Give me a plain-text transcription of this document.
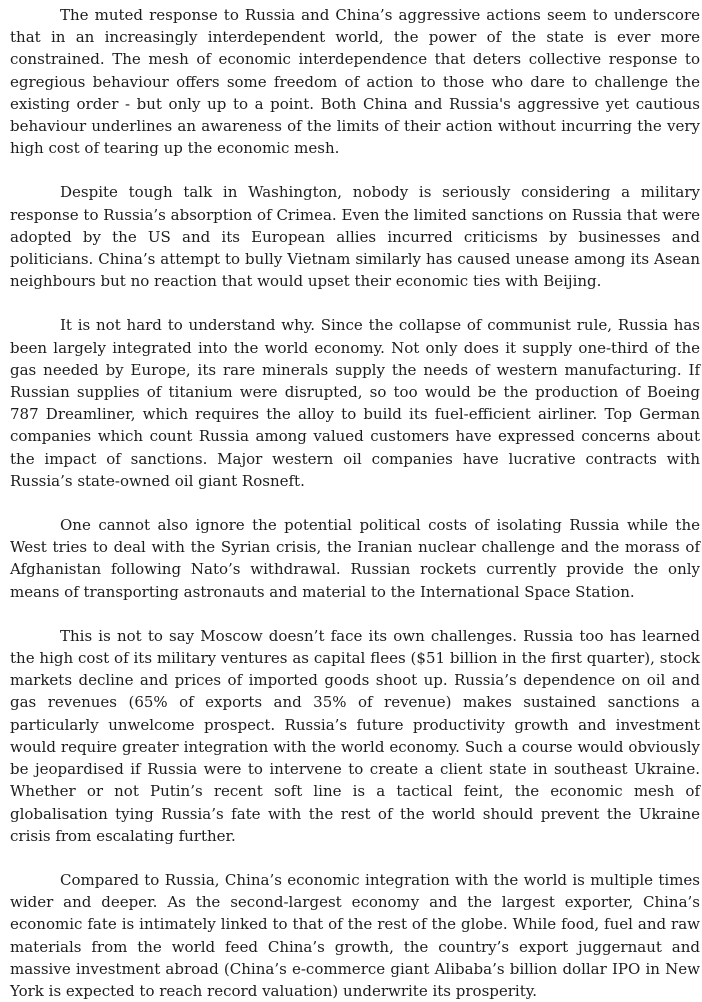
The muted response to Russia and China’s aggressive actions seem to underscore that in an increasingly interdependent world, the power of the state is ever more constrained. The mesh of economic interdependence that deters collective response to egregious behaviour offers some freedom of action to those who dare to challenge the existing order - but only up to a point. Both China and Russia's aggressive yet cautious behaviour underlines an awareness of the limits of their action without incurring the very high cost of tearing up the economic mesh.

Despite tough talk in Washington, nobody is seriously considering a military response to Russia’s absorption of Crimea. Even the limited sanctions on Russia that were adopted by the US and its European allies incurred criticisms by businesses and politicians. China’s attempt to bully Vietnam similarly has caused unease among its Asean neighbours but no reaction that would upset their economic ties with Beijing.

It is not hard to understand why. Since the collapse of communist rule, Russia has been largely integrated into the world economy. Not only does it supply one-third of the gas needed by Europe, its rare minerals supply the needs of western manufacturing. If Russian supplies of titanium were disrupted, so too would be the production of Boeing 787 Dreamliner, which requires the alloy to build its fuel-efficient airliner. Top German companies which count Russia among valued customers have expressed concerns about the impact of sanctions. Major western oil companies have lucrative contracts with Russia’s state-owned oil giant Rosneft.

One cannot also ignore the potential political costs of isolating Russia while the West tries to deal with the Syrian crisis, the Iranian nuclear challenge and the morass of Afghanistan following Nato’s withdrawal. Russian rockets currently provide the only means of transporting astronauts and material to the International Space Station.

This is not to say Moscow doesn’t face its own challenges. Russia too has learned the high cost of its military ventures as capital flees ($51 billion in the first quarter), stock markets decline and prices of imported goods shoot up. Russia’s dependence on oil and gas revenues (65% of exports and 35% of revenue) makes sustained sanctions a particularly unwelcome prospect. Russia’s future productivity growth and investment would require greater integration with the world economy. Such a course would obviously be jeopardised if Russia were to intervene to create a client state in southeast Ukraine. Whether or not Putin’s recent soft line is a tactical feint, the economic mesh of globalisation tying Russia’s fate with the rest of the world should prevent the Ukraine crisis from escalating further.

Compared to Russia, China’s economic integration with the world is multiple times wider and deeper. As the second-largest economy and the largest exporter, China’s economic fate is intimately linked to that of the rest of the globe. While food, fuel and raw materials from the world feed China’s growth, the country’s export juggernaut and massive investment abroad (China’s e-commerce giant Alibaba’s billion dollar IPO in New York is expected to reach record valuation) underwrite its prosperity.
